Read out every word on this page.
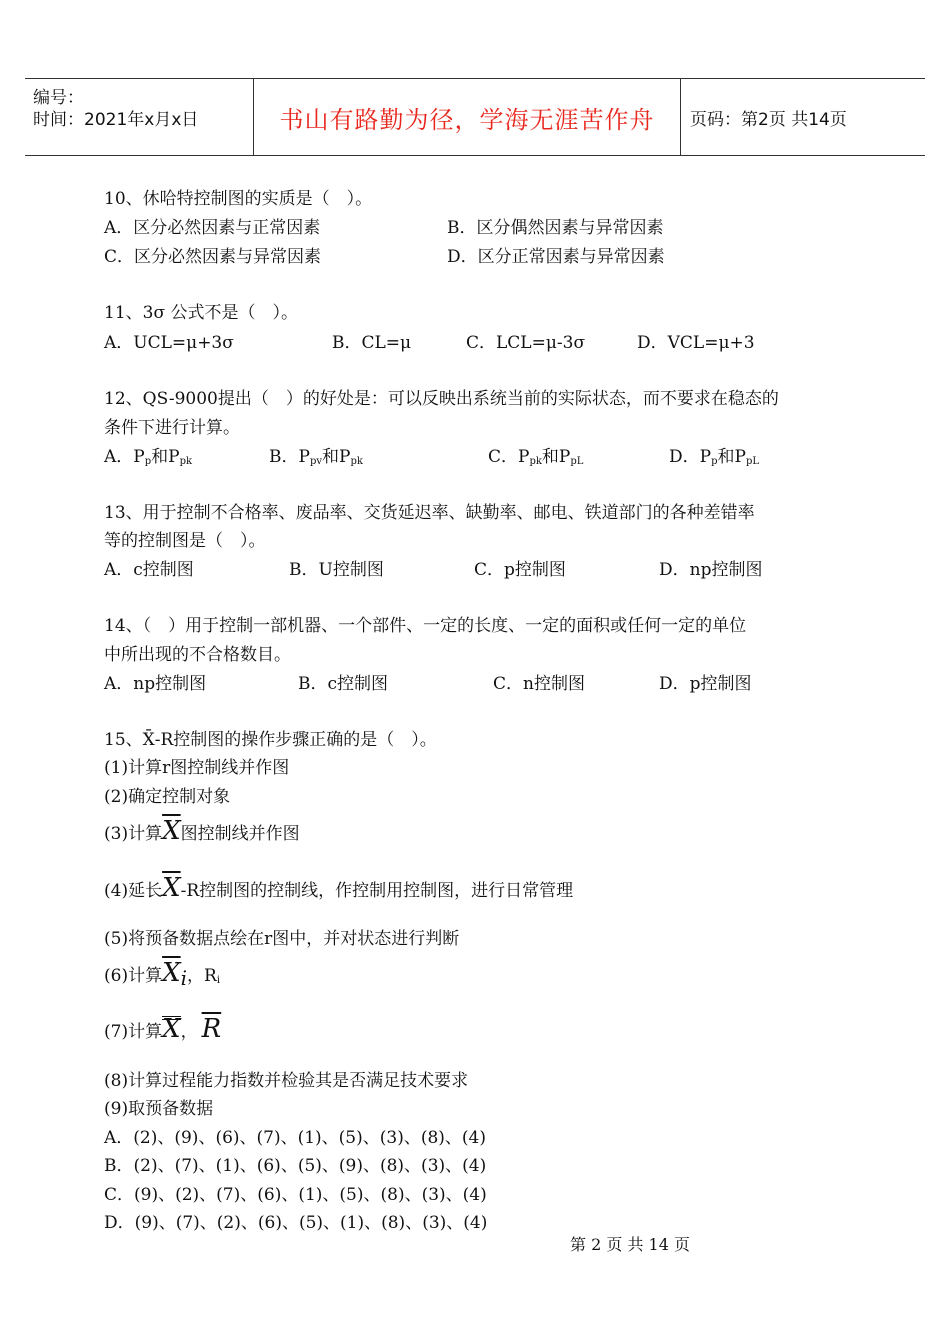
编号：
时间：2021年x月x日	书山有路勤为径，学海无涯苦作舟 页码：第2页 共14页
10、休哈特控制图的实质是（　）。
A．区分必然因素与正常因素	B．区分偶然因素与异常因素
C．区分必然因素与异常因素	D．区分正常因素与异常因素
11、3σ 公式不是（　）。
A．UCL=μ+3σ	B．CL=μ	C．LCL=μ-3σ	D．VCL=μ+3
12、QS-9000提出（　）的好处是：可以反映出系统当前的实际状态，而不要求在稳态的
条件下进行计算。
A．$P_p$和$P_{pk}$	B．$P_{pv}$和$P_{pk}$	C．$P_{pk}$和$P_{pL}$	D．$P_p$和$P_{pL}$
13、用于控制不合格率、废品率、交货延迟率、缺勤率、邮电、铁道部门的各种差错率
等的控制图是（　）。
A．c控制图	B．U控制图	C．p控制图	D．np控制图
14、（　）用于控制一部机器、一个部件、一定的长度、一定的面积或任何一定的单位
中所出现的不合格数目。
A．np控制图	B．c控制图	C．n控制图	D．p控制图
15、X̄-R控制图的操作步骤正确的是（　）。
(1)计算r图控制线并作图
(2)确定控制对象
(3)计算$\overline{X}$图控制线并作图
(4)延长$\overline{X}-R$控制图的控制线，作控制用控制图，进行日常管理
(5)将预备数据点绘在r图中，并对状态进行判断
(6)计算$\overline{X}i$，$R_i$
(7)计算X， $\overline{R}$
(8)计算过程能力指数并检验其是否满足技术要求
(9)取预备数据
A．(2)、(9)、(6)、(7)、(1)、(5)、(3)、(8)、(4)
B．(2)、(7)、(1)、(6)、(5)、(9)、(8)、(3)、(4)
C．(9)、(2)、(7)、(6)、(1)、(5)、(8)、(3)、(4)
D．(9)、(7)、(2)、(6)、(5)、(1)、(8)、(3)、(4)
第 2 页 共 14 页
